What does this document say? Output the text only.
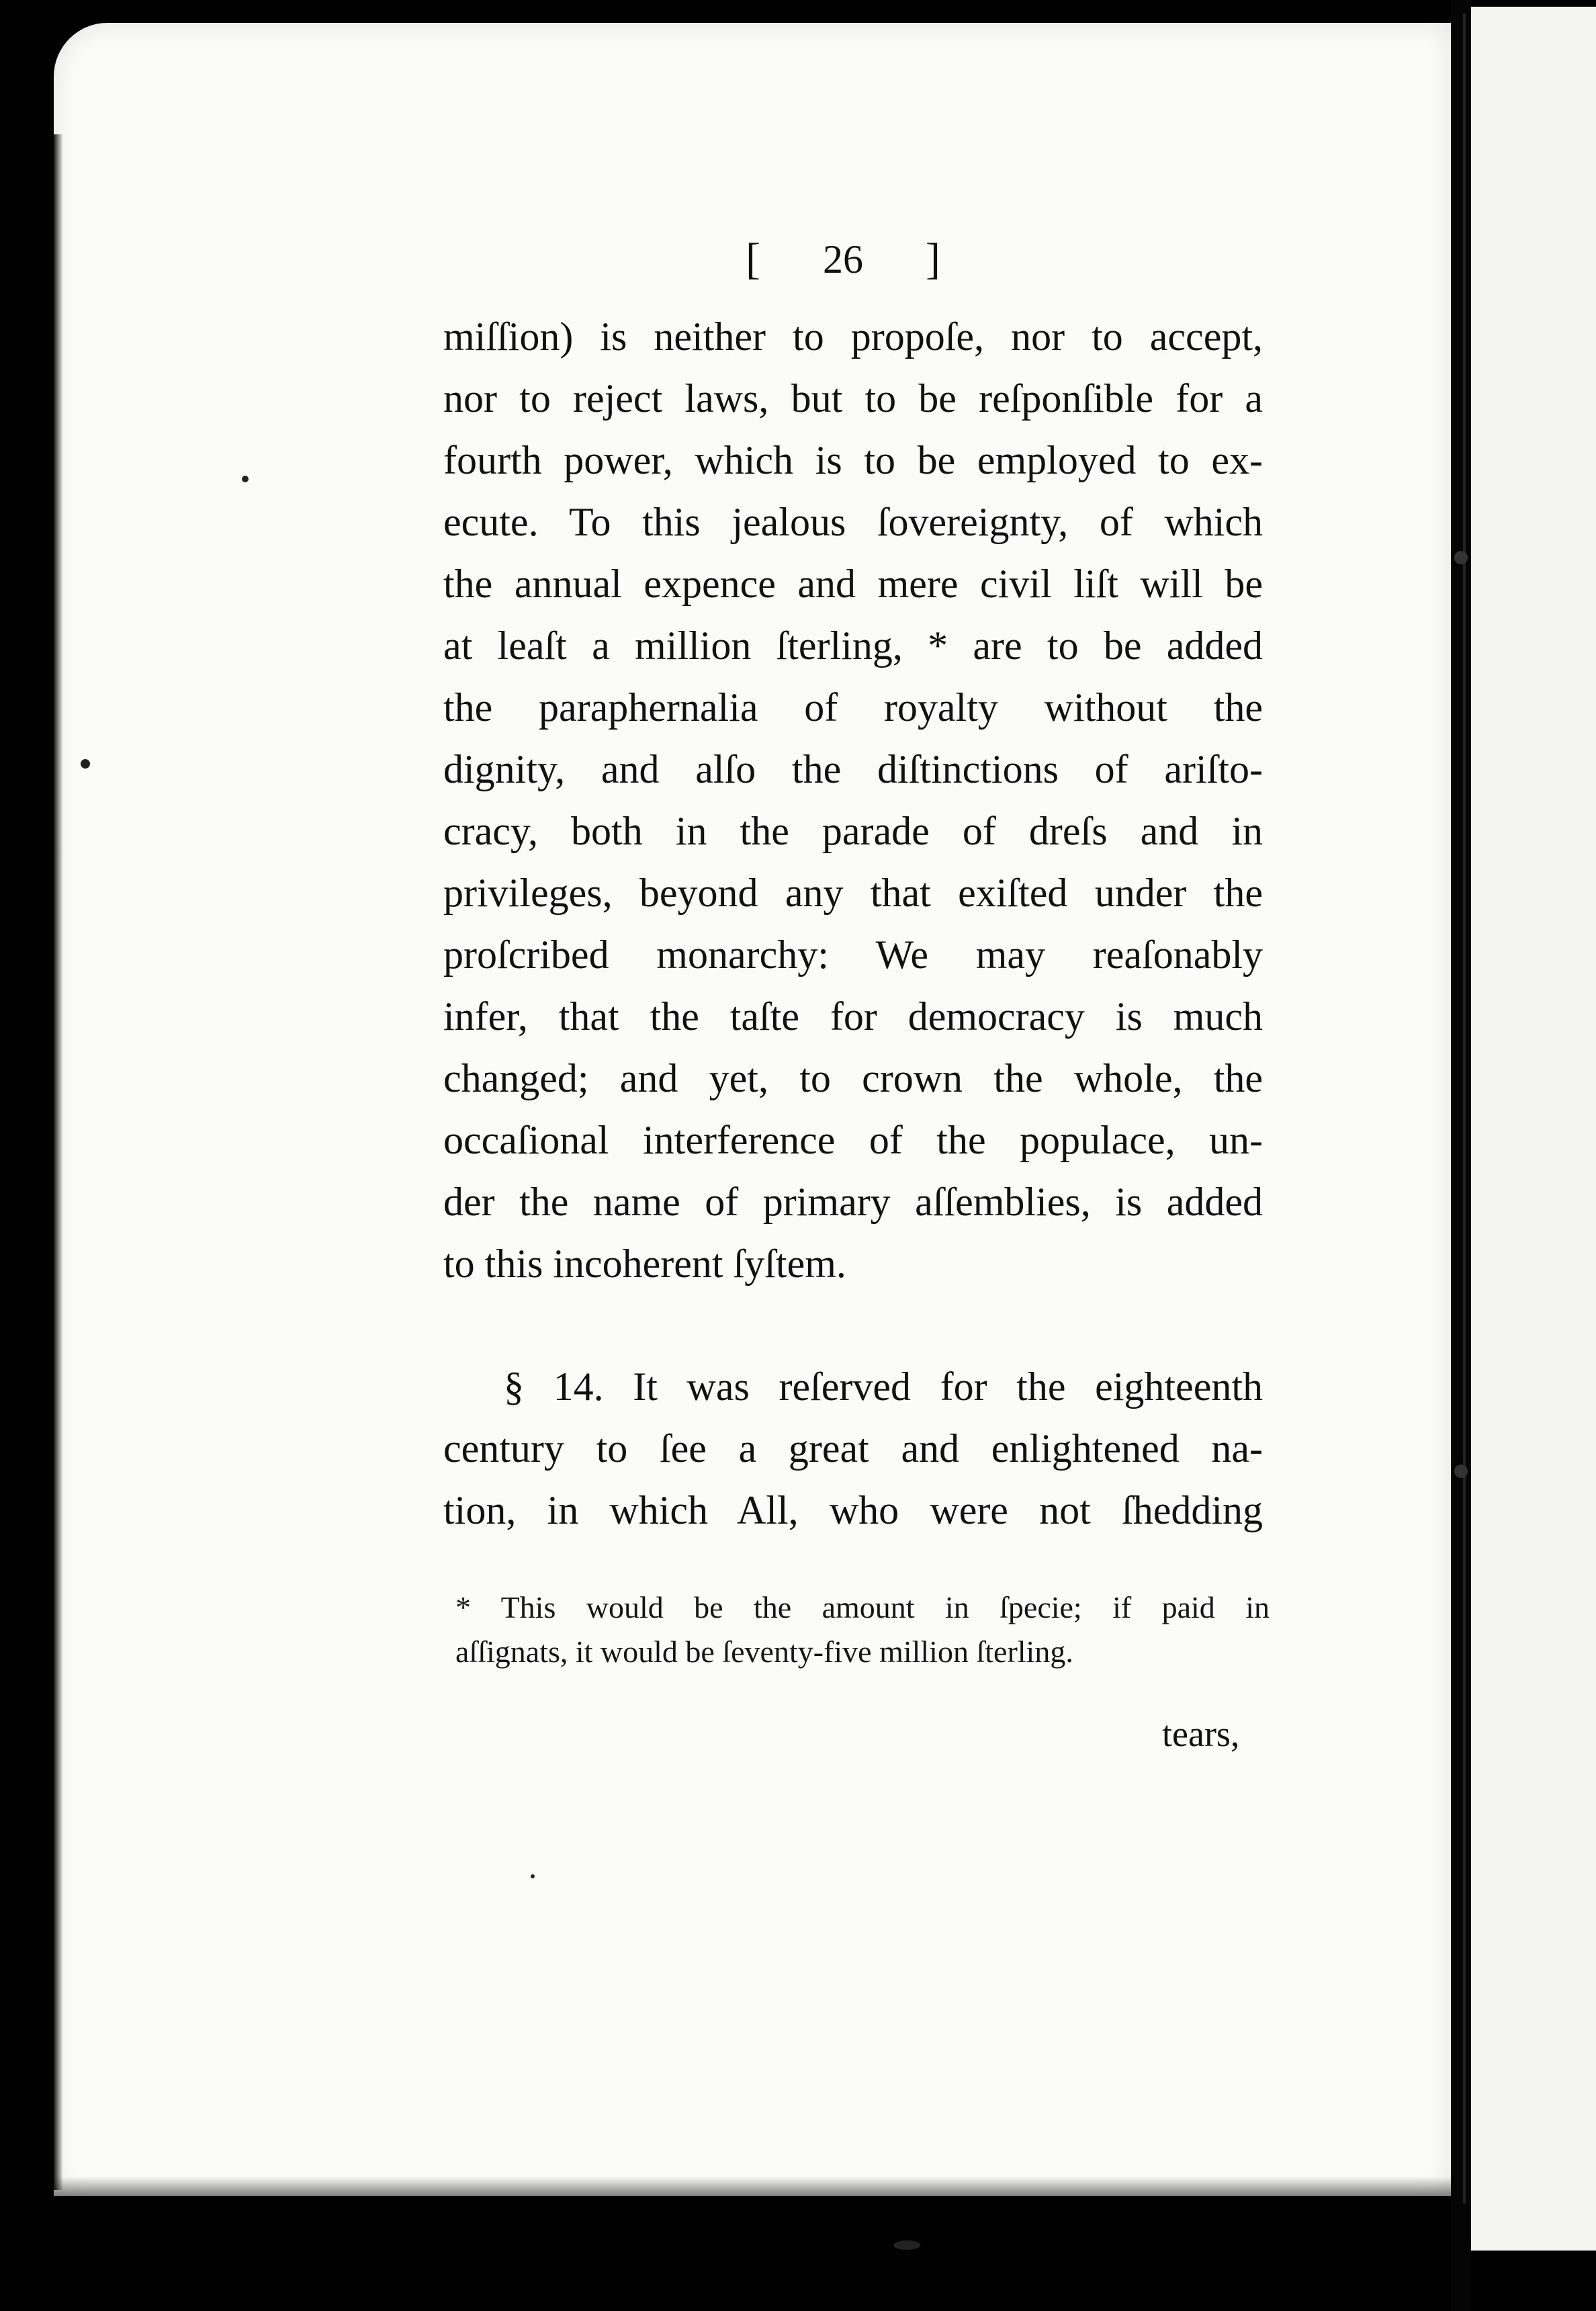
[ 26 ]
miſſion) is neither to propoſe, nor to accept,
nor to reject laws, but to be reſponſible for a
fourth power, which is to be employed to ex-
ecute. To this jealous ſovereignty, of which
the annual expence and mere civil liſt will be
at leaſt a million ſterling, * are to be added
the paraphernalia of royalty without the
dignity, and alſo the diſtinctions of ariſto-
cracy, both in the parade of dreſs and in
privileges, beyond any that exiſted under the
proſcribed monarchy: We may reaſonably
infer, that the taſte for democracy is much
changed; and yet, to crown the whole, the
occaſional interference of the populace, un-
der the name of primary aſſemblies, is added
to this incoherent ſyſtem.
§ 14. It was reſerved for the eighteenth
century to ſee a great and enlightened na-
tion, in which All, who were not ſhedding
* This would be the amount in ſpecie; if paid in
aſſignats, it would be ſeventy-five million ſterling.
tears,
